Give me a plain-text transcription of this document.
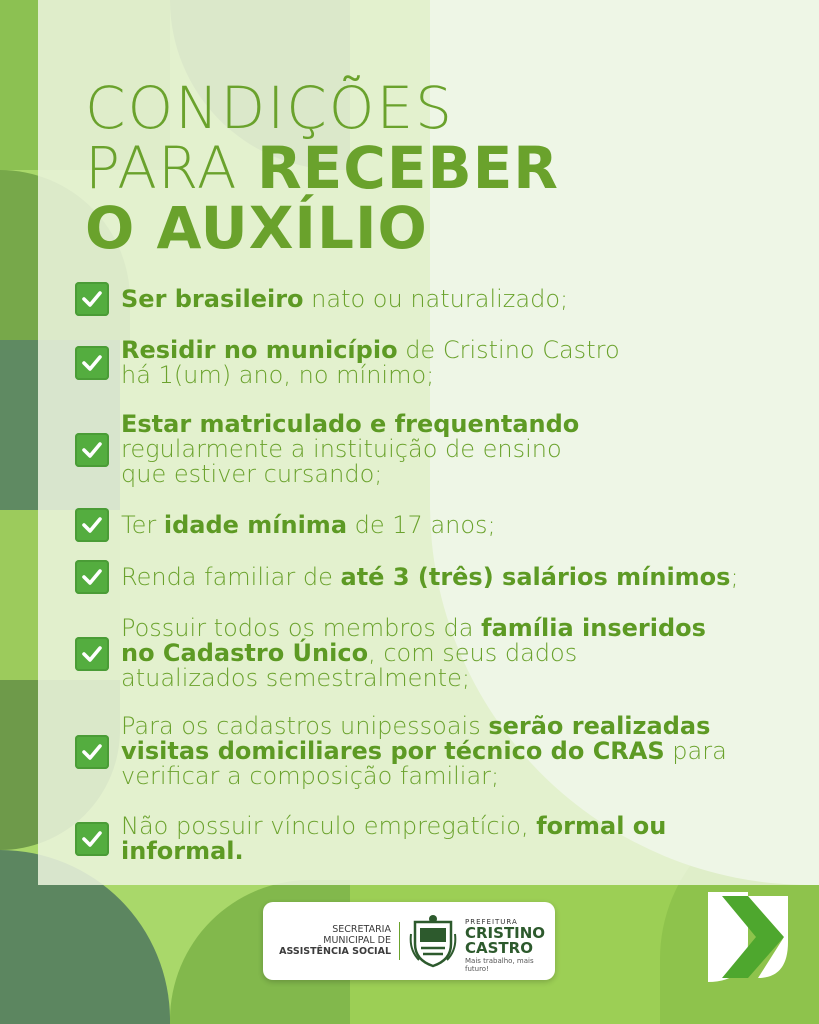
CONDIÇÕES
PARA RECEBER
O AUXÍLIO
Ser brasileiro nato ou naturalizado;
Residir no município de Cristino Castro
há 1(um) ano, no mínimo;
Estar matriculado e frequentando
regularmente a instituição de ensino
que estiver cursando;
Ter idade mínima de 17 anos;
Renda familiar de até 3 (três) salários mínimos;
Possuir todos os membros da família inseridos
no Cadastro Único, com seus dados
atualizados semestralmente;
Para os cadastros unipessoais serão realizadas
visitas domiciliares por técnico do CRAS para
verificar a composição familiar;
Não possuir vínculo empregatício, formal ou
informal.
SECRETARIA
MUNICIPAL DE
ASSISTÊNCIA SOCIAL
PREFEITURA
CRISTINO
CASTRO
Mais trabalho, mais futuro!
